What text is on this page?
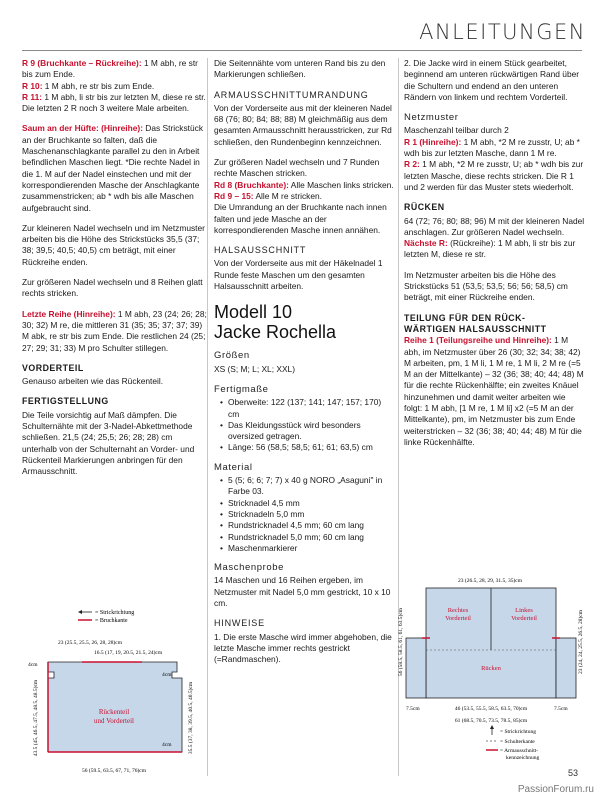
ANLEITUNGEN

R 9 (Bruchkante – Rückreihe): 1 M abh, re str bis zum Ende.
R 10: 1 M abh, re str bis zum Ende.
R 11: 1 M abh, li str bis zur letzten M, diese re str.
Die letzten 2 R noch 3 weitere Male arbeiten.

Saum an der Hüfte: (Hinreihe): Das Strickstück an der Bruchkante so falten, daß die Maschenanschlagkante parallel zu den in Arbeit befindlichen Maschen liegt. *Die rechte Nadel in die 1. M auf der Nadel einstechen und mit der korrespondierenden Masche der Anschlagkante zusammenstricken; ab * wdh bis alle Maschen aufgebraucht sind.

Zur kleineren Nadel wechseln und im Netzmuster arbeiten bis die Höhe des Strickstücks 35,5 (37; 38; 39,5; 40,5; 40,5) cm beträgt, mit einer Rückreihe enden.

Zur größeren Nadel wechseln und 8 Reihen glatt rechts stricken.

Letzte Reihe (Hinreihe): 1 M abh, 23 (24; 26; 28; 30; 32) M re, die mittleren 31 (35; 35; 37; 37; 39) M abk, re str bis zum Ende. Die restlichen 24 (25; 27; 29; 31; 33) M pro Schulter stillegen.

VORDERTEIL

Genauso arbeiten wie das Rückenteil.

FERTIGSTELLUNG

Die Teile vorsichtig auf Maß dämpfen. Die Schulternähte mit der 3-Nadel-Abkettmethode schließen. 21,5 (24; 25,5; 26; 28; 28) cm unterhalb von der Schulternaht an Vorder- und Rückenteil Markierungen anbringen für den Armausschnitt.

Die Seitennähte vom unteren Rand bis zu den Markierungen schließen.

ARMAUSSCHNITTUMRANDUNG

Von der Vorderseite aus mit der kleineren Nadel 68 (76; 80; 84; 88; 88) M gleichmäßig aus dem gesamten Armausschnitt herausstricken, zur Rd schließen, den Rundenbeginn kennzeichnen.

Zur größeren Nadel wechseln und 7 Runden rechte Maschen stricken.

Rd 8 (Bruchkante): Alle Maschen links stricken.
Rd 9 – 15: Alle M re stricken.
Die Umrandung an der Bruchkante nach innen falten und jede Masche an der korrespondierenden Masche innen annähen.

HALSAUSSCHNITT

Von der Vorderseite aus mit der Häkelnadel 1 Runde feste Maschen um den gesamten Halsausschnitt arbeiten.

Modell 10
Jacke Rochella
Größen

XS (S; M; L; XL; XXL)

Fertigmaße
• Oberweite: 122 (137; 141; 147; 157; 170) cm
• Das Kleidungsstück wird besonders oversized getragen.
• Länge: 56 (58,5; 58,5; 61; 61; 63,5) cm
Material
• 5 (5; 6; 6; 7; 7) x 40 g NORO „Asaguni" in Farbe 03.
• Stricknadel 4,5 mm
• Stricknadeln 5,0 mm
• Rundstricknadel 4,5 mm; 60 cm lang
• Rundstricknadel 5,0 mm; 60 cm lang
• Maschenmarkierer
Maschenprobe

14 Maschen und 16 Reihen ergeben, im Netzmuster mit Nadel 5,0 mm gestrickt, 10 x 10 cm.

HINWEISE

1. Die erste Masche wird immer abgehoben, die letzte Masche immer rechts gestrickt (=Randmaschen).

2. Die Jacke wird in einem Stück gearbeitet, beginnend am unteren rückwärtigen Rand über die Schultern und endend an den unteren Rändern von linkem und rechtem Vorderteil.

Netzmuster

Maschenzahl teilbar durch 2
R 1 (Hinreihe): 1 M abh, *2 M re zusstr, U; ab * wdh bis zur letzten Masche, dann 1 M re.
R 2: 1 M abh, *2 M re zusstr, U; ab * wdh bis zur letzten Masche, diese rechts stricken. Die R 1 und 2 werden für das Muster stets wiederholt.

RÜCKEN

64 (72; 76; 80; 88; 96) M mit der kleineren Nadel anschlagen. Zur größeren Nadel wechseln.
Nächste R: (Rückreihe): 1 M abh, li str bis zur letzten M, diese re str.

Im Netzmuster arbeiten bis die Höhe des Strickstücks 51 (53,5; 53,5; 56; 56; 58,5) cm beträgt, mit einer Rückreihe enden.

TEILUNG FÜR DEN RÜCK-
WÄRTIGEN HALSAUSSCHNITT

Reihe 1 (Teilungsreihe und Hinreihe): 1 M abh, im Netzmuster über 26 (30; 32; 34; 38; 42) M arbeiten, pm, 1 M li, 1 M re, 1 M li, 2 M re (=5 M an der Mittelkante) – 32 (36; 38; 40; 44; 48) M für die rechte Rückenhälfte; ein zweites Knäuel hinzunehmen und damit weiter arbeiten wie folgt: 1 M abh, [1 M re, 1 M li] x2 (=5 M an der Mittelkante), pm, im Netzmuster bis zum Ende weiterstricken – 32 (36; 38; 40; 44; 48) M für die linke Rückenhälfte.

= Strickrichtung
= Bruchkante
23 (25.5, 25.5, 26, 28, 28)cm
16.5 (17, 19, 20.5, 21.5, 24)cm
43.5 (45, 46.5, 47.5, 48.5, 48.5)cm
4cm
4cm
35.5 (37, 38, 39.5, 40.5, 40.5)cm
4cm
Rückenteil
und Vorderteil
56 (59.5, 63.5, 67, 71, 76)cm
23 (26.5, 28, 29, 31.5, 35)cm
Rechtes
Vorderteil
Linkes
Vorderteil
Rücken
56 (58.5, 58.5, 61, 61, 63.5)cm	23 (24, 24, 25.5, 26.5, 28)cm
7.5cm	46 (53.5, 55.5, 58.5, 63.5, 70)cm	7.5cm
61 (68.5, 70.5, 73.5, 78.5, 85)cm
= Strickrichtung
= Schulterkante
= Armausschnitt-
kennzeichnung
53
PassionForum.ru
